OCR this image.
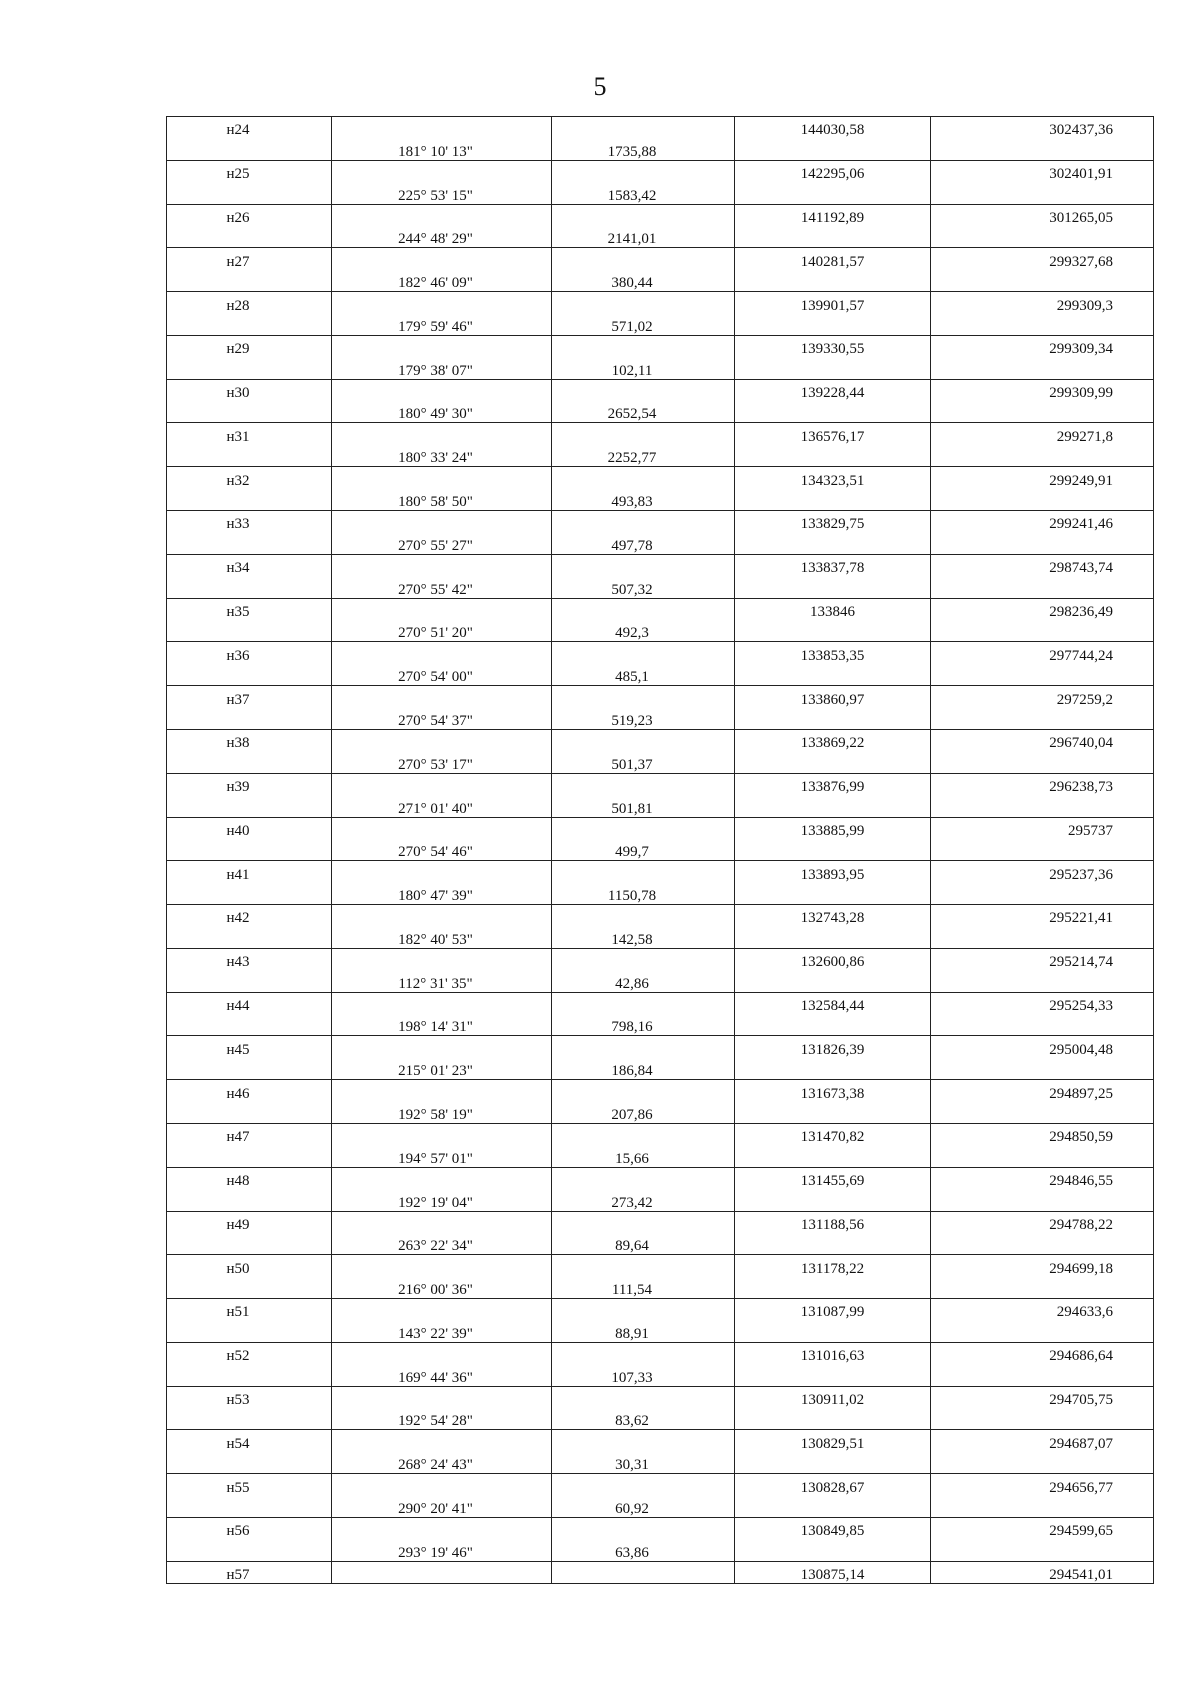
5
н24			144030,58	302437,36
	181° 10' 13"	1735,88		
н25			142295,06	302401,91
	225° 53' 15"	1583,42		
н26			141192,89	301265,05
	244° 48' 29"	2141,01		
н27			140281,57	299327,68
	182° 46' 09"	380,44		
н28			139901,57	299309,3
	179° 59' 46"	571,02		
н29			139330,55	299309,34
	179° 38' 07"	102,11		
н30			139228,44	299309,99
	180° 49' 30"	2652,54		
н31			136576,17	299271,8
	180° 33' 24"	2252,77		
н32			134323,51	299249,91
	180° 58' 50"	493,83		
н33			133829,75	299241,46
	270° 55' 27"	497,78		
н34			133837,78	298743,74
	270° 55' 42"	507,32		
н35			133846	298236,49
	270° 51' 20"	492,3		
н36			133853,35	297744,24
	270° 54' 00"	485,1		
н37			133860,97	297259,2
	270° 54' 37"	519,23		
н38			133869,22	296740,04
	270° 53' 17"	501,37		
н39			133876,99	296238,73
	271° 01' 40"	501,81		
н40			133885,99	295737
	270° 54' 46"	499,7		
н41			133893,95	295237,36
	180° 47' 39"	1150,78		
н42			132743,28	295221,41
	182° 40' 53"	142,58		
н43			132600,86	295214,74
	112° 31' 35"	42,86		
н44			132584,44	295254,33
	198° 14' 31"	798,16		
н45			131826,39	295004,48
	215° 01' 23"	186,84		
н46			131673,38	294897,25
	192° 58' 19"	207,86		
н47			131470,82	294850,59
	194° 57' 01"	15,66		
н48			131455,69	294846,55
	192° 19' 04"	273,42		
н49			131188,56	294788,22
	263° 22' 34"	89,64		
н50			131178,22	294699,18
	216° 00' 36"	111,54		
н51			131087,99	294633,6
	143° 22' 39"	88,91		
н52			131016,63	294686,64
	169° 44' 36"	107,33		
н53			130911,02	294705,75
	192° 54' 28"	83,62		
н54			130829,51	294687,07
	268° 24' 43"	30,31		
н55			130828,67	294656,77
	290° 20' 41"	60,92		
н56			130849,85	294599,65
	293° 19' 46"	63,86		
н57			130875,14	294541,01
